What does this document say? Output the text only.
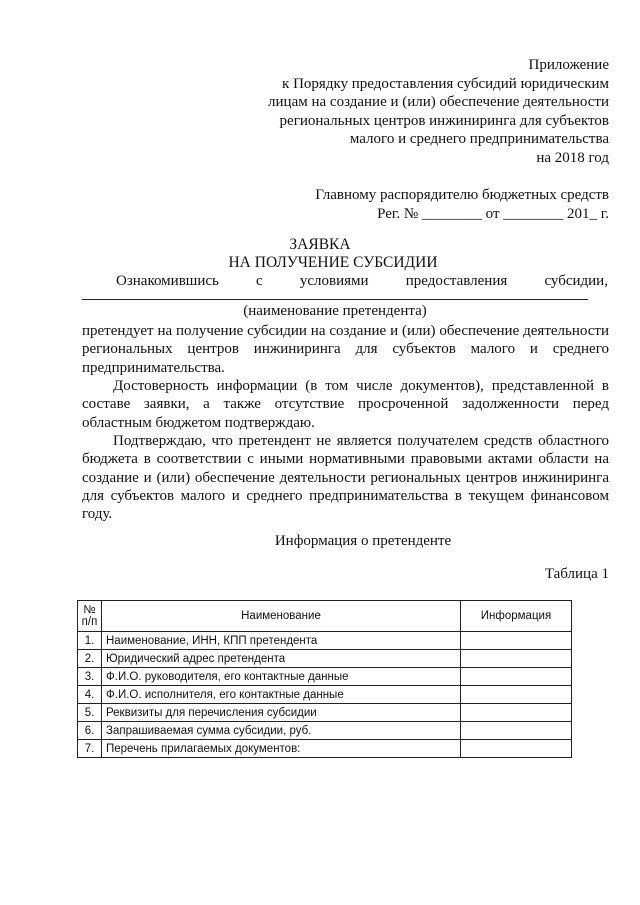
Приложение
к Порядку предоставления субсидий юридическим
лицам на создание и (или) обеспечение деятельности
региональных центров инжиниринга для субъектов
малого и среднего предпринимательства
на 2018 год
Главному распорядителю бюджетных средств
Рег. № ________ от ________ 201_ г.
ЗАЯВКА
НА ПОЛУЧЕНИЕ СУБСИДИИ
Ознакомившись с условиями предоставления субсидии,
(наименование претендента)
претендует на получение субсидии на создание и (или) обеспечение деятельности региональных центров инжиниринга для субъектов малого и среднего предпринимательства.
Достоверность информации (в том числе документов), представленной в составе заявки, а также отсутствие просроченной задолженности перед областным бюджетом подтверждаю.
Подтверждаю, что претендент не является получателем средств областного бюджета в соответствии с иными нормативными правовыми актами области на создание и (или) обеспечение деятельности региональных центров инжиниринга для субъектов малого и среднего предпринимательства в текущем финансовом году.
Информация о претенденте
Таблица 1
№
п/п	Наименование	Информация
1.	Наименование, ИНН, КПП претендента	
2.	Юридический адрес претендента	
3.	Ф.И.О. руководителя, его контактные данные	
4.	Ф.И.О. исполнителя, его контактные данные	
5.	Реквизиты для перечисления субсидии	
6.	Запрашиваемая сумма субсидии, руб.	
7.	Перечень прилагаемых документов:	
